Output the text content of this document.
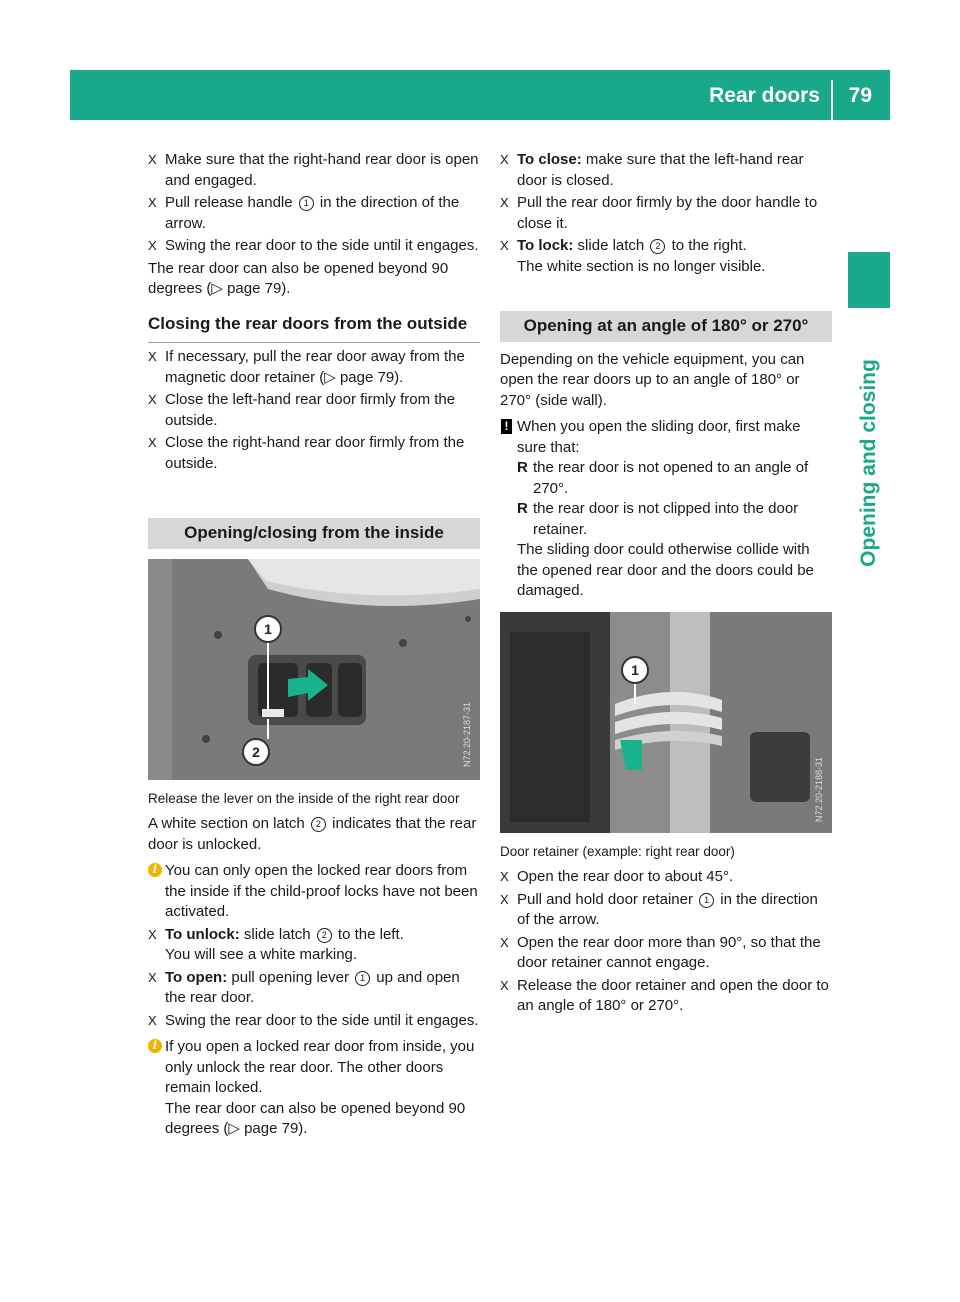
Rear doors 79
Opening and closing
X Make sure that the right-hand rear door is open and engaged.
X Pull release handle 1 in the direction of the arrow.
X Swing the rear door to the side until it engages.

The rear door can also be opened beyond 90 degrees (▷ page 79).

Closing the rear doors from the outside
X If necessary, pull the rear door away from the magnetic door retainer (▷ page 79).
X Close the left-hand rear door firmly from the outside.
X Close the right-hand rear door firmly from the outside.
Opening/closing from the inside
1
2	N72.20-2187-31
Release the lever on the inside of the right rear door

A white section on latch 2 indicates that the rear door is unlocked.

i You can only open the locked rear doors from the inside if the child-proof locks have not been activated.
X To unlock: slide latch 2 to the left.
You will see a white marking.
X To open: pull opening lever 1 up and open the rear door.
X Swing the rear door to the side until it engages.
i If you open a locked rear door from inside, you only unlock the rear door. The other doors remain locked.
The rear door can also be opened beyond 90 degrees (▷ page 79).
X To close: make sure that the left-hand rear door is closed.
X Pull the rear door firmly by the door handle to close it.
X To lock: slide latch 2 to the right.
The white section is no longer visible.
Opening at an angle of 180° or 270°

Depending on the vehicle equipment, you can open the rear doors up to an angle of 180° or 270° (side wall).

! When you open the sliding door, first make sure that:
R the rear door is not opened to an angle of 270°.
R the rear door is not clipped into the door retainer.
The sliding door could otherwise collide with the opened rear door and the doors could be damaged.
1
N72.20-2188-31
Door retainer (example: right rear door)
X Open the rear door to about 45°.
X Pull and hold door retainer 1 in the direction of the arrow.
X Open the rear door more than 90°, so that the door retainer cannot engage.
X Release the door retainer and open the door to an angle of 180° or 270°.
